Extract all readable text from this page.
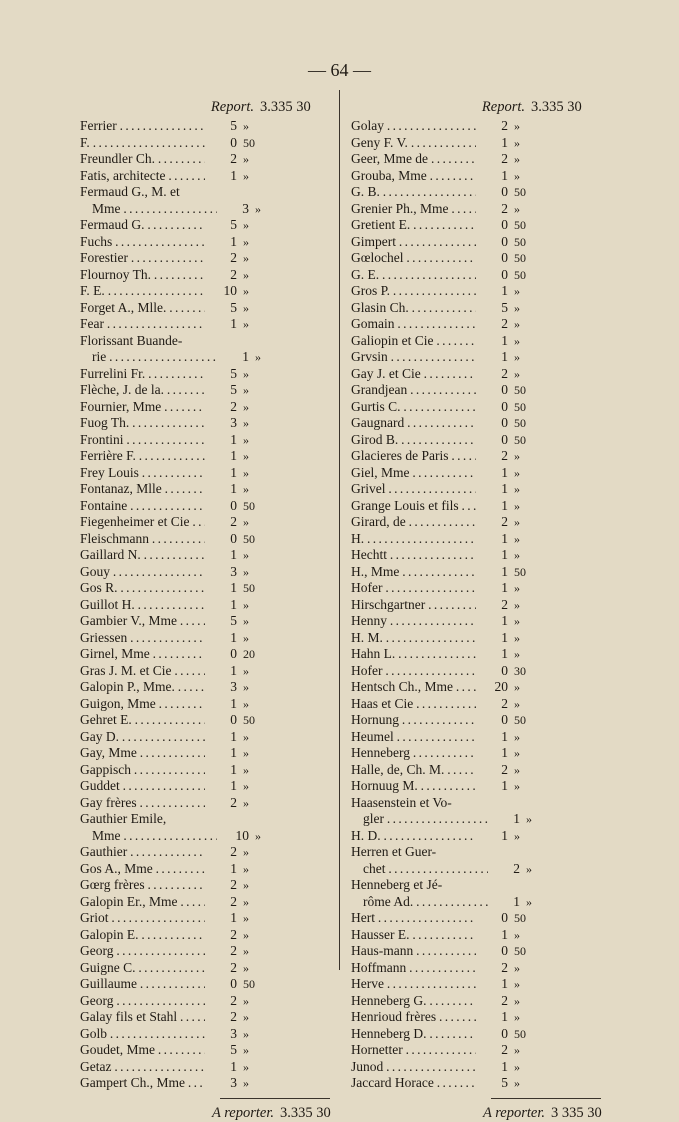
— 64 —
Report. 3.335 30
Ferrier . . .	5 »
F. . . .	0 50
Freundler Ch. . . .	2 »
Fatis, architecte . . .	1 »
Fermaud G., M. et
Mme . . .	3 »
Fermaud G. . . .	5 »
Fuchs . . .	1 »
Forestier . . .	2 »
Flournoy Th. . . .	2 »
F. E. . . .	10 »
Forget A., Mlle. . . .	5 »
Fear . . .	1 »
Florissant Buande-
rie . . .	1 »
Furrelini Fr. . . .	5 »
Flèche, J. de la. . . .	5 »
Fournier, Mme . . .	2 »
Fuog Th. . . .	3 »
Frontini . . .	1 »
Ferrière F. . . .	1 »
Frey Louis . . .	1 »
Fontanaz, Mlle . . .	1 »
Fontaine . . .	0 50
Fiegenheimer et Cie . . .	2 »
Fleischmann . . .	0 50
Gaillard N. . . .	1 »
Gouy . . .	3 »
Gos R. . . .	1 50
Guillot H. . . .	1 »
Gambier V., Mme . . .	5 »
Griessen . . .	1 »
Girnel, Mme . . .	0 20
Gras J. M. et Cie . . .	1 »
Galopin P., Mme. . . .	3 »
Guigon, Mme . . .	1 »
Gehret E. . . .	0 50
Gay D. . . .	1 »
Gay, Mme . . .	1 »
Gappisch . . .	1 »
Guddet . . .	1 »
Gay frères . . .	2 »
Gauthier Emile,
Mme . . .	10 »
Gauthier . . .	2 »
Gos A., Mme . . .	1 »
Gœrg frères . . .	2 »
Galopin Er., Mme . . .	2 »
Griot . . .	1 »
Galopin E. . . .	2 »
Georg . . .	2 »
Guigne C. . . .	2 »
Guillaume . . .	0 50
Georg . . .	2 »
Galay fils et Stahl . . .	2 »
Golb . . .	3 »
Goudet, Mme . . .	5 »
Getaz . . .	1 »
Gampert Ch., Mme . . .	3 »
A reporter. 3.335 30
Report. 3.335 30
Golay . . .	2 »
Geny F. V. . . .	1 »
Geer, Mme de . . .	2 »
Grouba, Mme . . .	1 »
G. B. . . .	0 50
Grenier Ph., Mme . . .	2 »
Gretient E. . . .	0 50
Gimpert . . .	0 50
Gœlochel . . .	0 50
G. E. . . .	0 50
Gros P. . . .	1 »
Glasin Ch. . . .	5 »
Gomain . . .	2 »
Galiopin et Cie . . .	1 »
Grvsin . . .	1 »
Gay J. et Cie . . .	2 »
Grandjean . . .	0 50
Gurtis C. . . .	0 50
Gaugnard . . .	0 50
Girod B. . . .	0 50
Glacieres de Paris . . .	2 »
Giel, Mme . . .	1 »
Grivel . . .	1 »
Grange Louis et fils . . .	1 »
Girard, de . . .	2 »
H. . . .	1 »
Hechtt . . .	1 »
H., Mme . . .	1 50
Hofer . . .	1 »
Hirschgartner . . .	2 »
Henny . . .	1 »
H. M. . . .	1 »
Hahn L. . . .	1 »
Hofer . . .	0 30
Hentsch Ch., Mme . . .	20 »
Haas et Cie . . .	2 »
Hornung . . .	0 50
Heumel . . .	1 »
Henneberg . . .	1 »
Halle, de, Ch. M. . . .	2 »
Hornuug M. . . .	1 »
Haasenstein et Vo-
gler . . .	1 »
H. D. . . .	1 »
Herren et Guer-
chet . . .	2 »
Henneberg et Jé-
rôme Ad. . . .	1 »
Hert . . .	0 50
Hausser E. . . .	1 »
Haus-mann . . .	0 50
Hoffmann . . .	2 »
Herve . . .	1 »
Henneberg G. . . .	2 »
Henrioud frères . . .	1 »
Henneberg D. . . .	0 50
Hornetter . . .	2 »
Junod . . .	1 »
Jaccard Horace . . .	5 »
A reporter. 3 335 30
